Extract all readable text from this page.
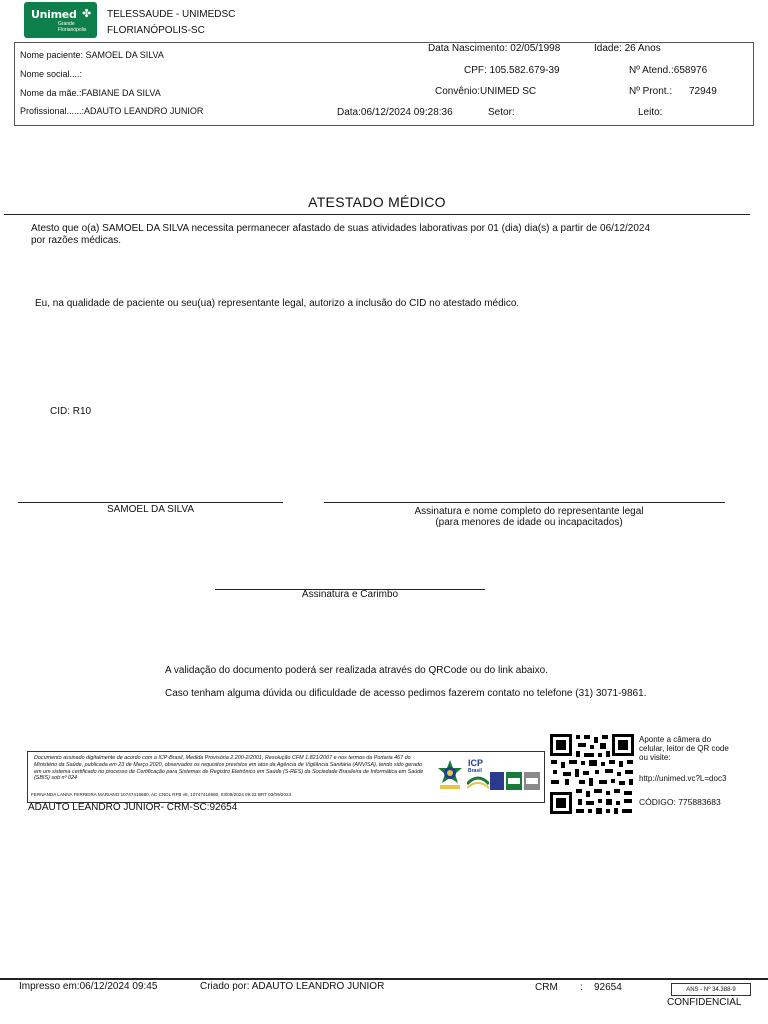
Unimed ✤
Grande
Florianópolis
TELESSAUDE - UNIMEDSC
FLORIANÓPOLIS-SC
Nome paciente: SAMOEL DA SILVA
Nome social....:
Nome da mãe.:FABIANE DA SILVA
Profissional......:ADAUTO LEANDRO JUNIOR
Data Nascimento: 02/05/1998	Idade: 26 Anos
CPF: 105.582.679-39	Nº Atend.:658976
Convênio:UNIMED SC	Nº Pront.: 72949
Data:06/12/2024 09:28:36	Setor:	Leito:
ATESTADO MÉDICO
Atesto que o(a) SAMOEL DA SILVA necessita permanecer afastado de suas atividades laborativas por 01 (dia) dia(s) a partir de 06/12/2024
por razões médicas.
Eu, na qualidade de paciente ou seu(ua) representante legal, autorizo a inclusão do CID no atestado médico.
CID: R10
SAMOEL DA SILVA	Assinatura e nome completo do representante legal
(para menores de idade ou incapacitados)
Assinatura e Carimbo
A validação do documento poderá ser realizada através do QRCode ou do link abaixo.
Caso tenham alguma dúvida ou dificuldade de acesso pedimos fazerem contato no telefone (31) 3071-9861.
Documento assinado digitalmente de acordo com a ICP-Brasil, Medida Provisória 2.200-2/2001, Resolução CFM 1.821/2007 e nos termos da Portaria 467 do Ministério da Saúde, publicada em 23 de Março 2020, observados os requisitos previstos em atos da Agência de Vigilância Sanitária (ANVISA), tendo sido gerado em um sistema certificado no processo de Certificação para Sistemas de Registro Eletrônico em Saúde (S-RES) da Sociedade Brasileira de Informática em Saúde (SBIS) sob nº 024
FERNANDA LANNA FERREIRA MARIANO:10747416680, AC CNDL RFB v5, 10747416680, 03/09/2024 09:22 BRT 03/09/2024
ICP
Brasil
ADAUTO LEANDRO JUNIOR- CRM-SC:92654
Aponte a câmera do
celular, leitor de QR code
ou visite:
http://unimed.vc?L=doc3
CÓDIGO: 775883683
Impresso em:06/12/2024 09:45	Criado por: ADAUTO LEANDRO JUNIOR	CRM : 92654	ANS - Nº 34.388-9
CONFIDENCIAL
